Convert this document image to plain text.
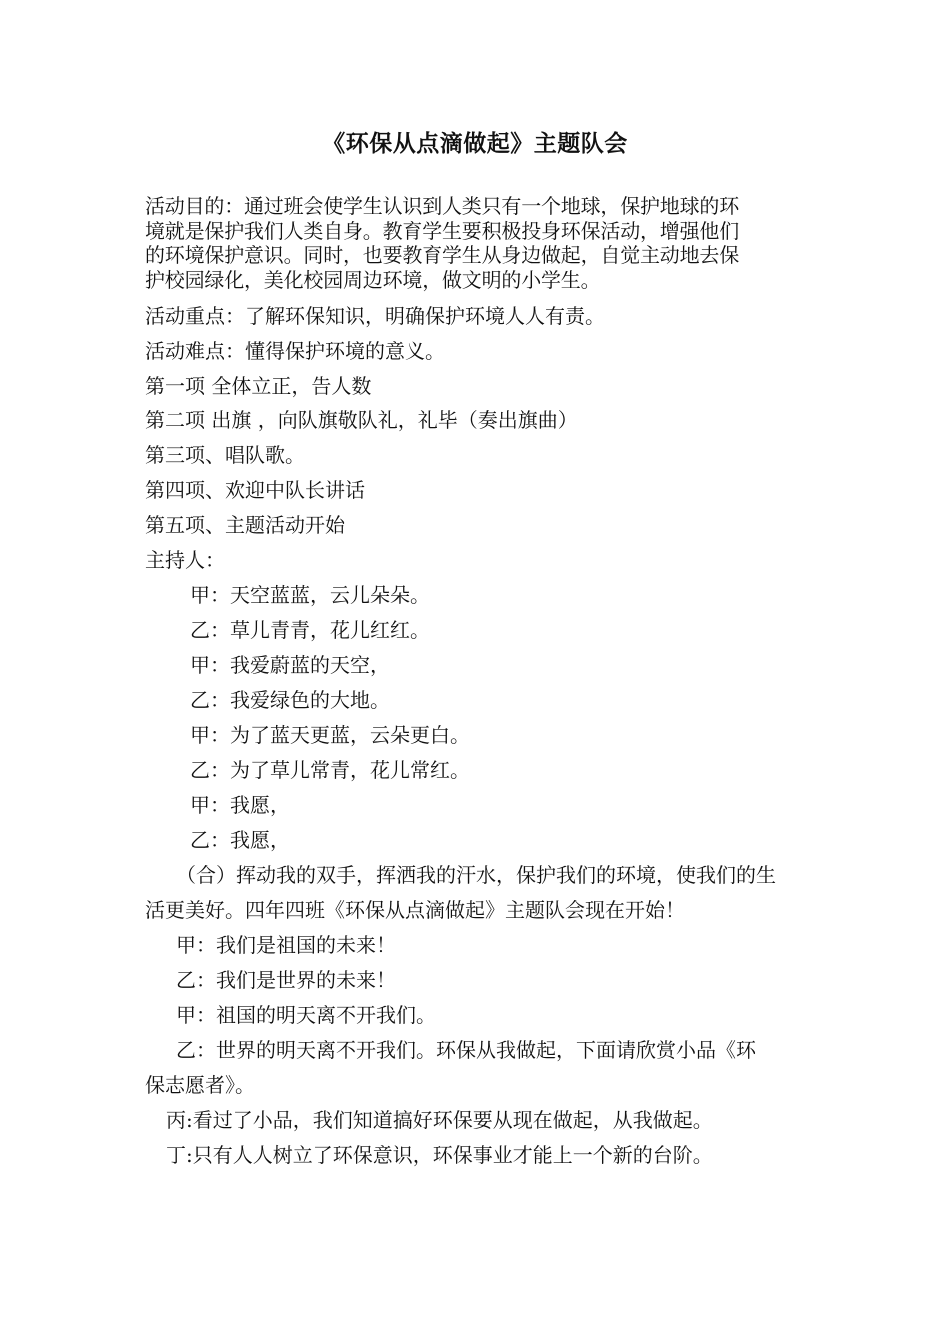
《环保从点滴做起》主题队会
活动目的：通过班会使学生认识到人类只有一个地球，保护地球的环
境就是保护我们人类自身。教育学生要积极投身环保活动，增强他们
的环境保护意识。同时，也要教育学生从身边做起，自觉主动地去保
护校园绿化，美化校园周边环境，做文明的小学生。
活动重点：了解环保知识，明确保护环境人人有责。
活动难点：懂得保护环境的意义。
第一项 全体立正，告人数
第二项 出旗 ，向队旗敬队礼，礼毕（奏出旗曲）
第三项、唱队歌。
第四项、欢迎中队长讲话
第五项、主题活动开始
主持人：
甲：天空蓝蓝，云儿朵朵。
乙：草儿青青，花儿红红。
甲：我爱蔚蓝的天空，
乙：我爱绿色的大地。
甲：为了蓝天更蓝，云朵更白。
乙：为了草儿常青，花儿常红。
甲：我愿，
乙：我愿，
（合）挥动我的双手，挥洒我的汗水，保护我们的环境，使我们的生
活更美好。四年四班《环保从点滴做起》主题队会现在开始！
甲：我们是祖国的未来！
乙：我们是世界的未来！
甲：祖国的明天离不开我们。
乙：世界的明天离不开我们。环保从我做起，下面请欣赏小品《环
保志愿者》。
丙:看过了小品，我们知道搞好环保要从现在做起，从我做起。
丁:只有人人树立了环保意识，环保事业才能上一个新的台阶。
